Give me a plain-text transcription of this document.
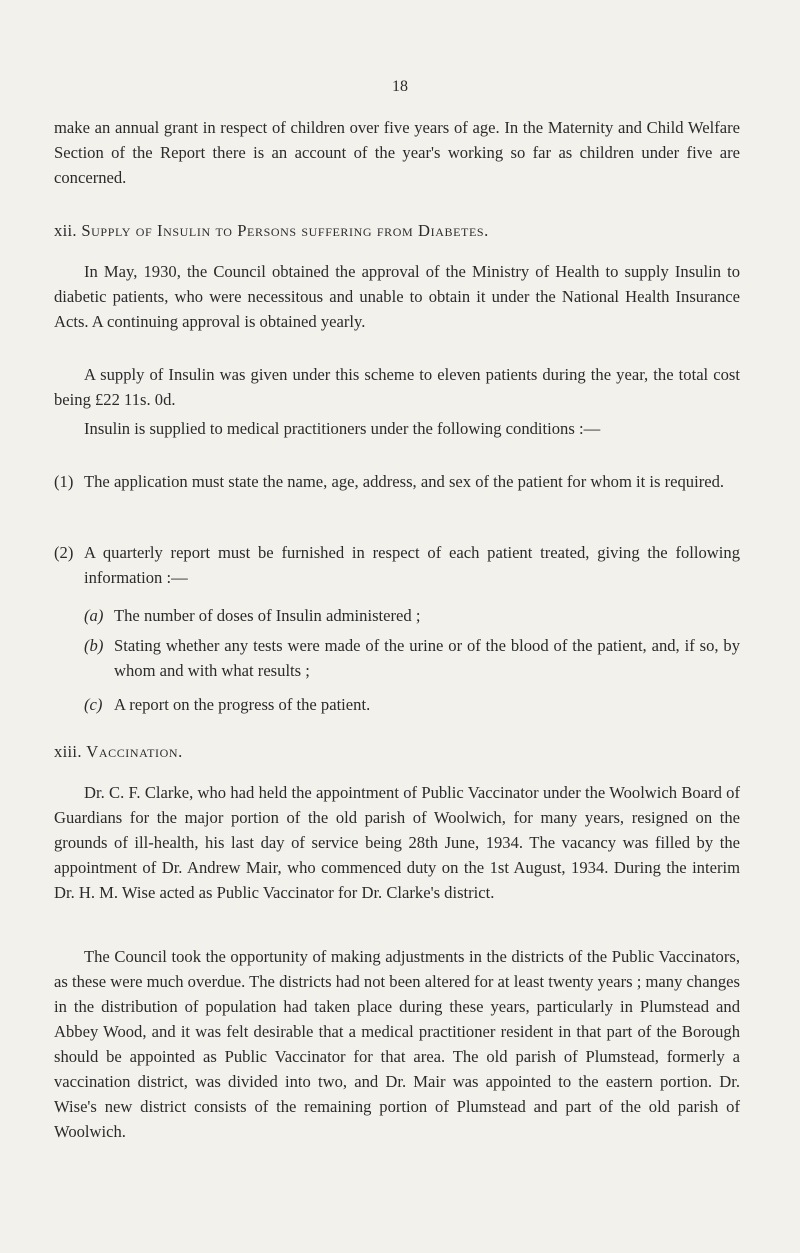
18

make an annual grant in respect of children over five years of age. In the Maternity and Child Welfare Section of the Report there is an account of the year's working so far as children under five are concerned.

xii. Supply of Insulin to Persons suffering from Diabetes.

In May, 1930, the Council obtained the approval of the Ministry of Health to supply Insulin to diabetic patients, who were necessitous and unable to obtain it under the National Health Insurance Acts. A continuing approval is obtained yearly.

A supply of Insulin was given under this scheme to eleven patients during the year, the total cost being £22 11s. 0d.

Insulin is supplied to medical practitioners under the following conditions :—

(1) The application must state the name, age, address, and sex of the patient for whom it is required.
(2) A quarterly report must be furnished in respect of each patient treated, giving the following information :—
(a) The number of doses of Insulin administered ;
(b) Stating whether any tests were made of the urine or of the blood of the patient, and, if so, by whom and with what results ;
(c) A report on the progress of the patient.
xiii. Vaccination.

Dr. C. F. Clarke, who had held the appointment of Public Vaccinator under the Woolwich Board of Guardians for the major portion of the old parish of Woolwich, for many years, resigned on the grounds of ill-health, his last day of service being 28th June, 1934. The vacancy was filled by the appointment of Dr. Andrew Mair, who commenced duty on the 1st August, 1934. During the interim Dr. H. M. Wise acted as Public Vaccinator for Dr. Clarke's district.

The Council took the opportunity of making adjustments in the districts of the Public Vaccinators, as these were much overdue. The districts had not been altered for at least twenty years ; many changes in the distribution of population had taken place during these years, particularly in Plumstead and Abbey Wood, and it was felt desirable that a medical practitioner resident in that part of the Borough should be appointed as Public Vaccinator for that area. The old parish of Plumstead, formerly a vaccination district, was divided into two, and Dr. Mair was appointed to the eastern portion. Dr. Wise's new district consists of the remaining portion of Plumstead and part of the old parish of Woolwich.
